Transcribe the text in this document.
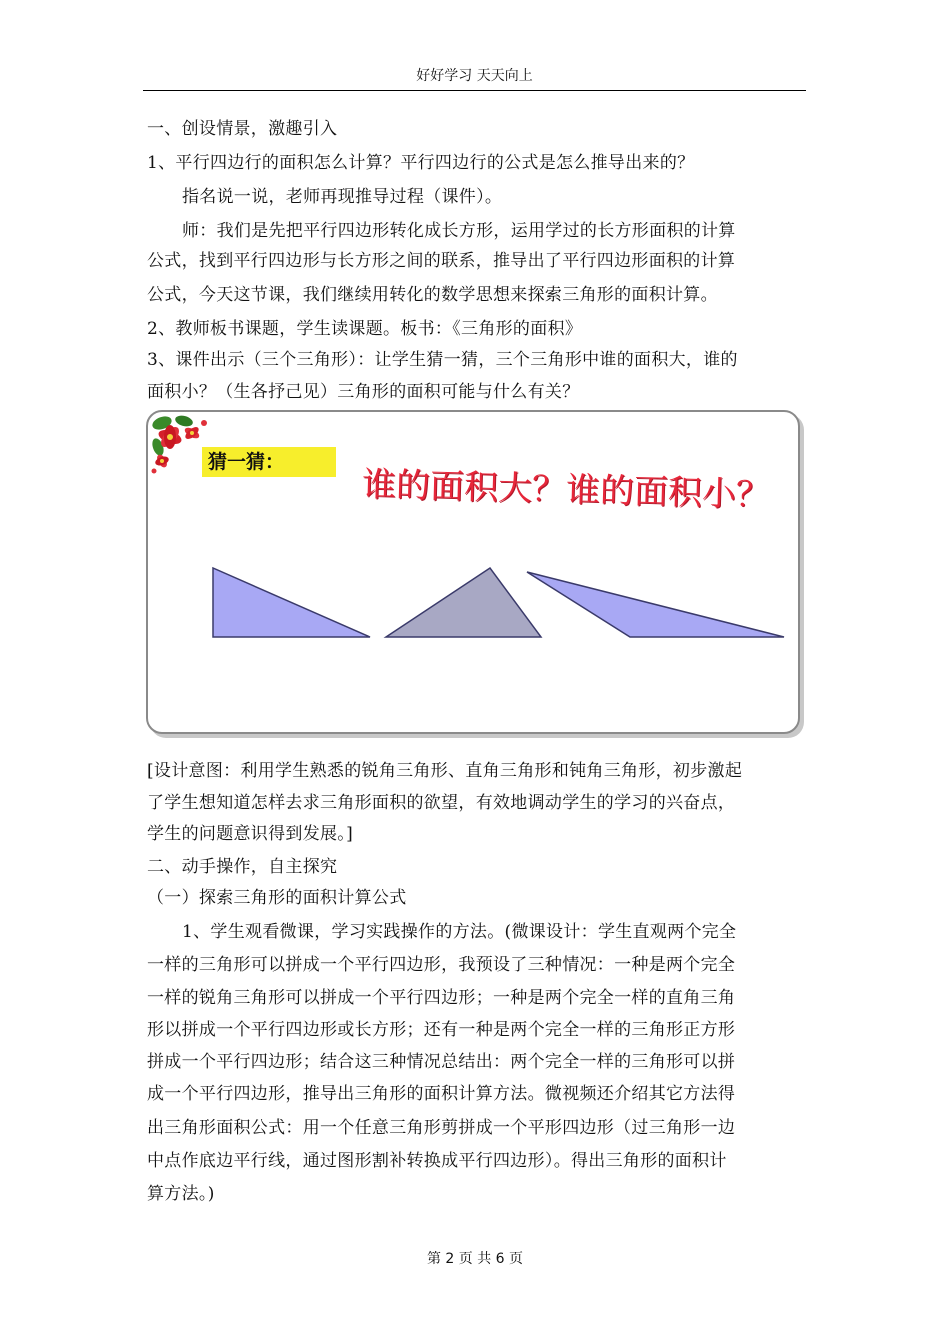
好好学习 天天向上
一、创设情景，激趣引入
1、平行四边行的面积怎么计算？平行四边行的公式是怎么推导出来的？
指名说一说，老师再现推导过程（课件）。
师：我们是先把平行四边形转化成长方形，运用学过的长方形面积的计算
公式，找到平行四边形与长方形之间的联系，推导出了平行四边形面积的计算
公式，今天这节课，我们继续用转化的数学思想来探索三角形的面积计算。
2、教师板书课题，学生读课题。板书：《三角形的面积》
3、课件出示（三个三角形）：让学生猜一猜，三个三角形中谁的面积大，谁的
面积小？（生各抒己见）三角形的面积可能与什么有关？
猜一猜：
谁的面积大？谁的面积小？
[设计意图：利用学生熟悉的锐角三角形、直角三角形和钝角三角形，初步激起
了学生想知道怎样去求三角形面积的欲望，有效地调动学生的学习的兴奋点，
学生的问题意识得到发展。]
二、动手操作，自主探究
（一）探索三角形的面积计算公式
1、学生观看微课，学习实践操作的方法。(微课设计：学生直观两个完全
一样的三角形可以拼成一个平行四边形，我预设了三种情况：一种是两个完全
一样的锐角三角形可以拼成一个平行四边形；一种是两个完全一样的直角三角
形以拼成一个平行四边形或长方形；还有一种是两个完全一样的三角形正方形
拼成一个平行四边形；结合这三种情况总结出：两个完全一样的三角形可以拼
成一个平行四边形，推导出三角形的面积计算方法。微视频还介绍其它方法得
出三角形面积公式：用一个任意三角形剪拼成一个平形四边形（过三角形一边
中点作底边平行线，通过图形割补转换成平行四边形）。得出三角形的面积计
算方法。)
第 2 页 共 6 页
